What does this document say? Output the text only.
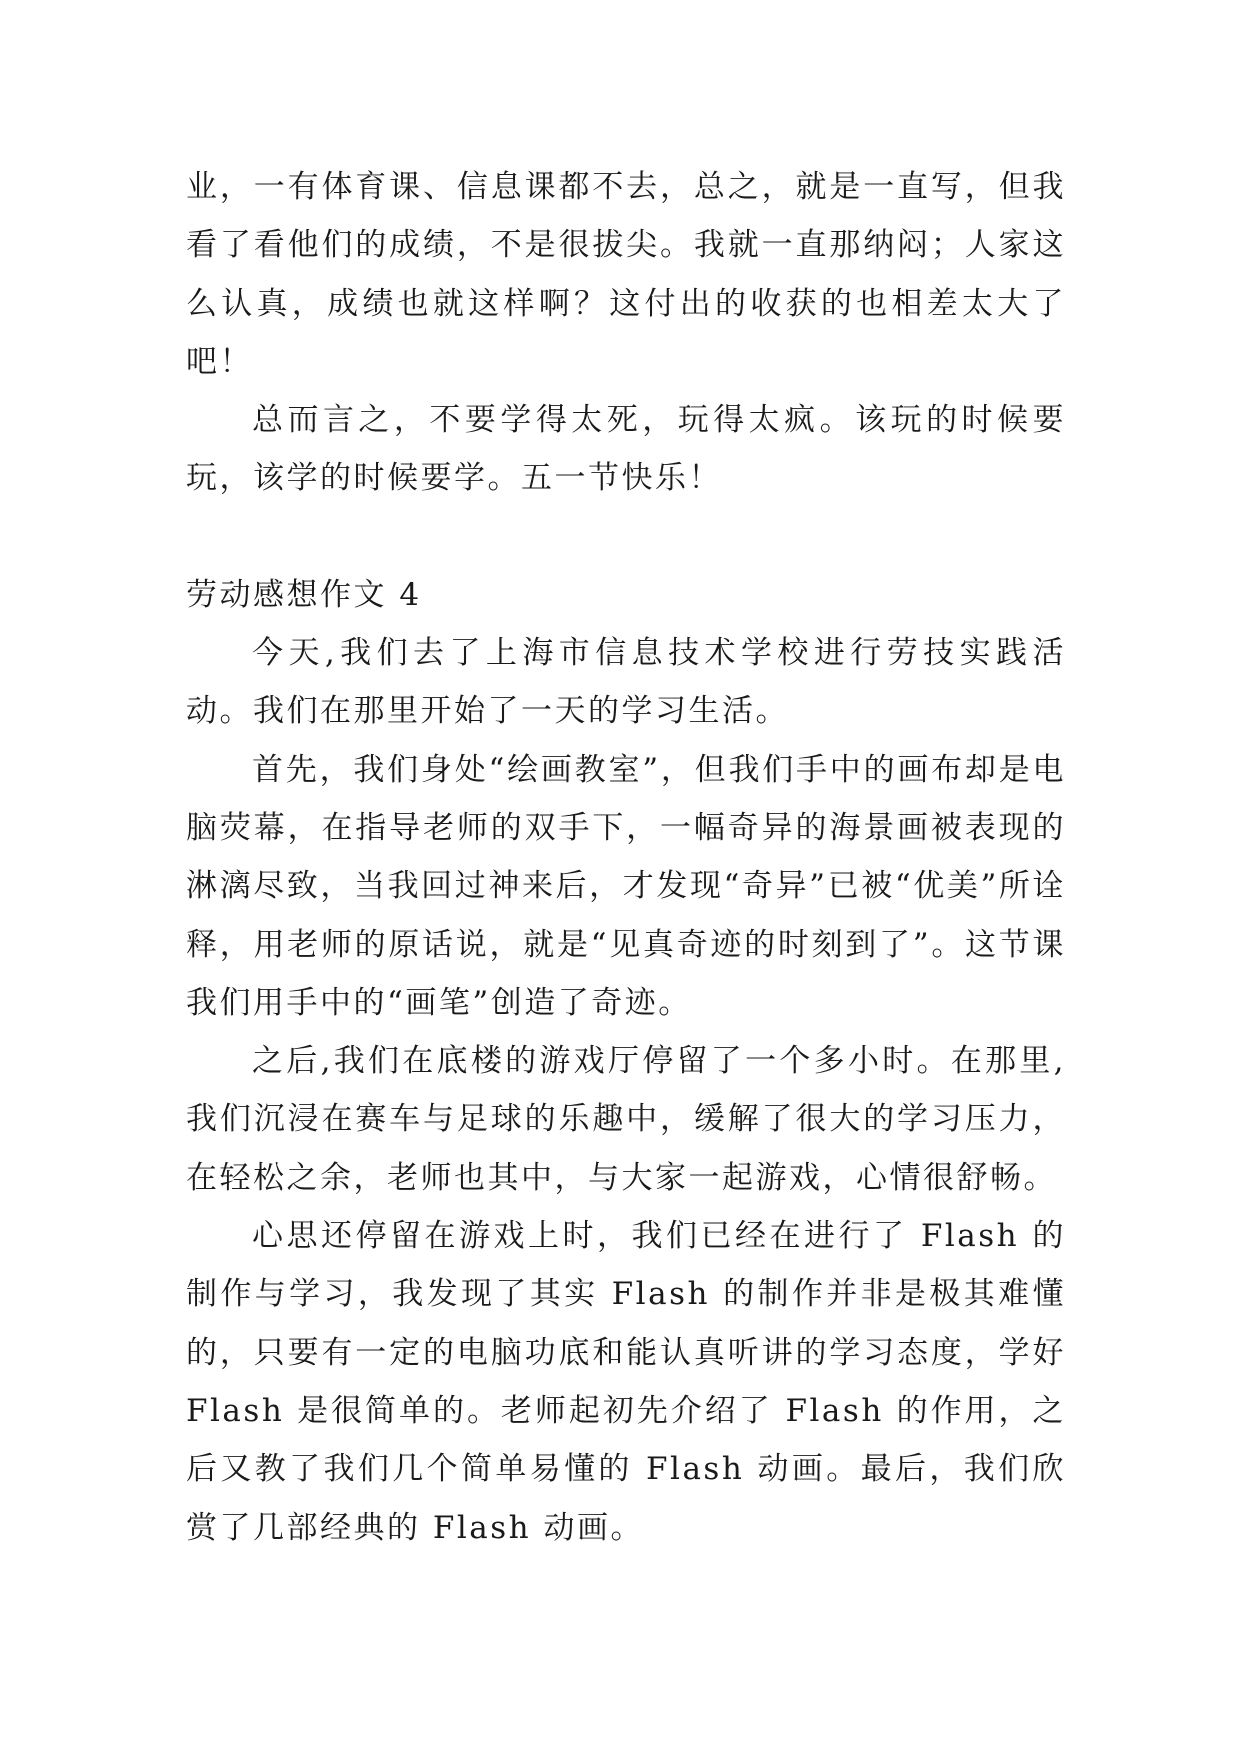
业，一有体育课、信息课都不去，总之，就是一直写，但我看了看他们的成绩，不是很拔尖。我就一直那纳闷；人家这么认真，成绩也就这样啊？这付出的收获的也相差太大了吧！

总而言之，不要学得太死，玩得太疯。该玩的时候要玩，该学的时候要学。五一节快乐！

劳动感想作文 4

今天,我们去了上海市信息技术学校进行劳技实践活动。我们在那里开始了一天的学习生活。

首先，我们身处“绘画教室”，但我们手中的画布却是电脑荧幕，在指导老师的双手下，一幅奇异的海景画被表现的淋漓尽致，当我回过神来后，才发现“奇异”已被“优美”所诠释，用老师的原话说，就是“见真奇迹的时刻到了”。这节课我们用手中的“画笔”创造了奇迹。

之后,我们在底楼的游戏厅停留了一个多小时。在那里,我们沉浸在赛车与足球的乐趣中，缓解了很大的学习压力，在轻松之余，老师也其中，与大家一起游戏，心情很舒畅。

心思还停留在游戏上时，我们已经在进行了 Flash 的制作与学习，我发现了其实 Flash 的制作并非是极其难懂的，只要有一定的电脑功底和能认真听讲的学习态度，学好 Flash 是很简单的。老师起初先介绍了 Flash 的作用，之后又教了我们几个简单易懂的 Flash 动画。最后，我们欣赏了几部经典的 Flash 动画。
